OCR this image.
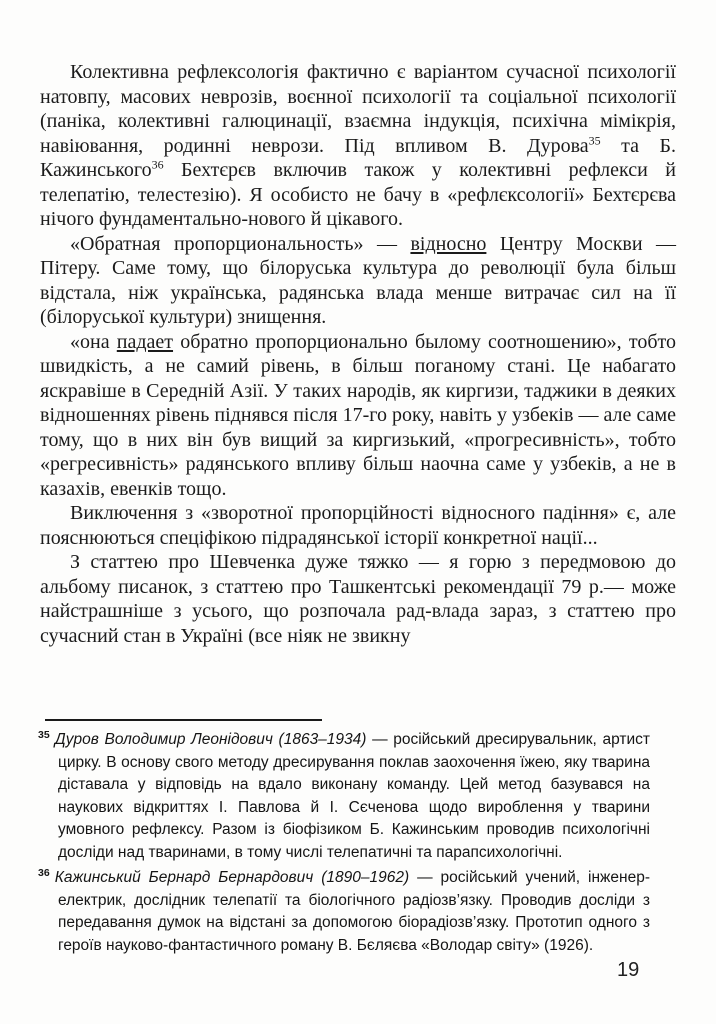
Колективна рефлексологія фактично є варіантом сучасної психології натовпу, масових неврозів, воєнної психології та соціальної психології (паніка, колективні галюцинації, взаємна індукція, психічна мімікрія, навіювання, родинні неврози. Під впливом В. Дурова$^{35}$ та Б. Кажинського$^{36}$ Бехтєрєв включив також у колективні рефлекси й телепатію, телестезію). Я особисто не бачу в «рефлєксології» Бехтєрєва нічого фундаментально-нового й цікавого.

«Обратная пропорциональность» — відносно Центру Москви — Пітеру. Саме тому, що білоруська культура до революції була більш відстала, ніж українська, радянська влада менше витрачає сил на її (білоруської культури) знищення.

«она падает обратно пропорционально былому соотношению», тобто швидкість, а не самий рівень, в більш поганому стані. Це набагато яскравіше в Середній Азії. У таких народів, як киргизи, таджики в деяких відношеннях рівень піднявся після 17-го року, навіть у узбеків — але саме тому, що в них він був вищий за киргизький, «прогресивність», тобто «регресивність» радянського впливу більш наочна саме у узбеків, а не в казахів, евенків тощо.

Виключення з «зворотної пропорційності відносного падіння» є, але пояснюються спеціфікою підрадянської історії конкретної нації...

З статтею про Шевченка дуже тяжко — я горю з передмовою до альбому писанок, з статтею про Ташкентські рекомендації 79 р.— може найстрашніше з усього, що розпочала рад-влада зараз, з статтею про сучасний стан в Україні (все ніяк не звикну

$^{35}$ Дуров Володимир Леонідович (1863–1934) — російський дресирувальник, артист цирку. В основу свого методу дресирування поклав заохочення їжею, яку тварина діставала у відповідь на вдало виконану команду. Цей метод базувався на наукових відкриттях І. Павлова й І. Сєченова щодо вироблення у тварини умовного рефлексу. Разом із біофізиком Б. Кажинським проводив психологічні досліди над тваринами, в тому числі телепатичні та парапсихологічні.
$^{36}$ Кажинський Бернард Бернардович (1890–1962) — російський учений, інженер-електрик, дослідник телепатії та біологічного радіозв’язку. Проводив досліди з передавання думок на відстані за допомогою біорадіозв’язку. Прототип одного з героїв науково-фантастичного роману В. Бєляєва «Володар світу» (1926).
19
